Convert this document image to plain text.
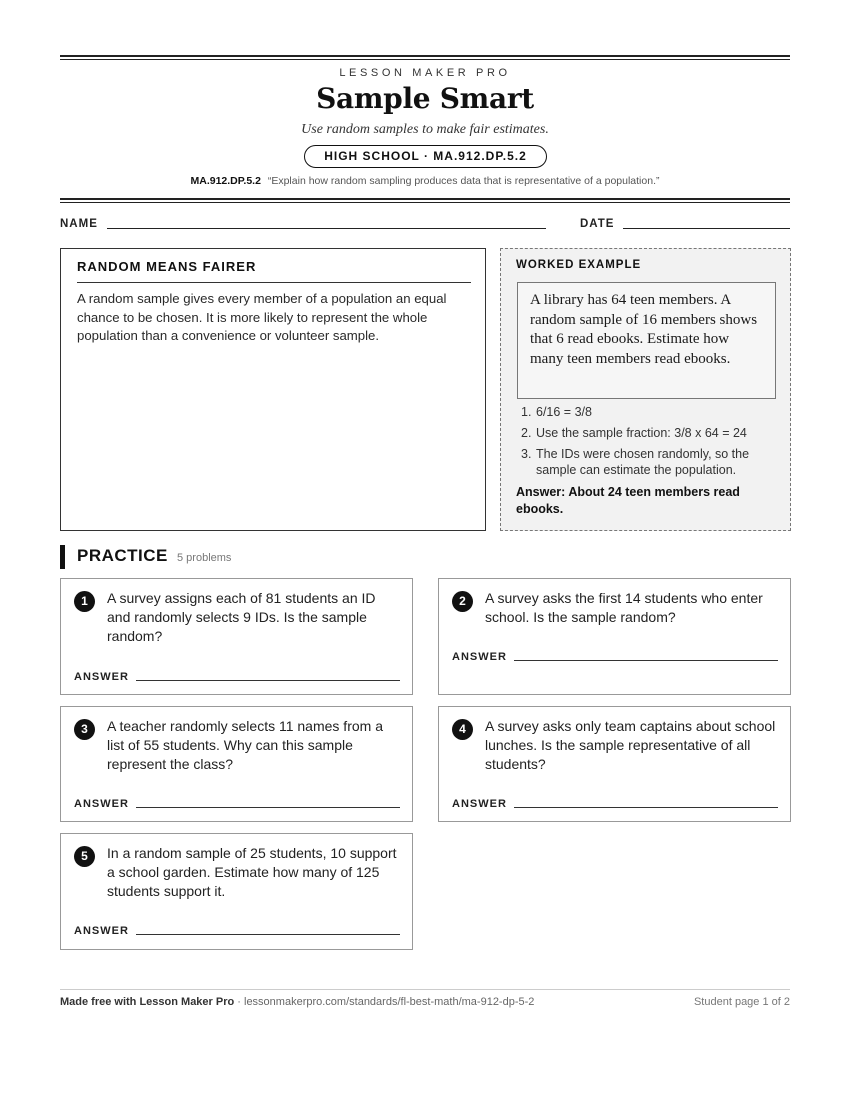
LESSON MAKER PRO
Sample Smart
Use random samples to make fair estimates.
HIGH SCHOOL · MA.912.DP.5.2
MA.912.DP.5.2 “Explain how random sampling produces data that is representative of a population.”
NAME	DATE
RANDOM MEANS FAIRER
A random sample gives every member of a population an equal chance to be chosen. It is more likely to represent the whole population than a convenience or volunteer sample.
WORKED EXAMPLE
A library has 64 teen members. A random sample of 16 members shows that 6 read ebooks. Estimate how many teen members read ebooks.
1. 6/16 = 3/8
2. Use the sample fraction: 3/8 x 64 = 24
3. The IDs were chosen randomly, so the sample can estimate the population.
Answer: About 24 teen members read ebooks.
PRACTICE 5 problems
1	A survey assigns each of 81 students an ID and randomly selects 9 IDs. Is the sample random?
ANSWER
2	A survey asks the first 14 students who enter school. Is the sample random?
ANSWER
3	A teacher randomly selects 11 names from a list of 55 students. Why can this sample represent the class?
ANSWER
4	A survey asks only team captains about school lunches. Is the sample representative of all students?
ANSWER
5	In a random sample of 25 students, 10 support a school garden. Estimate how many of 125 students support it.
ANSWER
Made free with Lesson Maker Pro · lessonmakerpro.com/standards/fl-best-math/ma-912-dp-5-2	Student page 1 of 2
